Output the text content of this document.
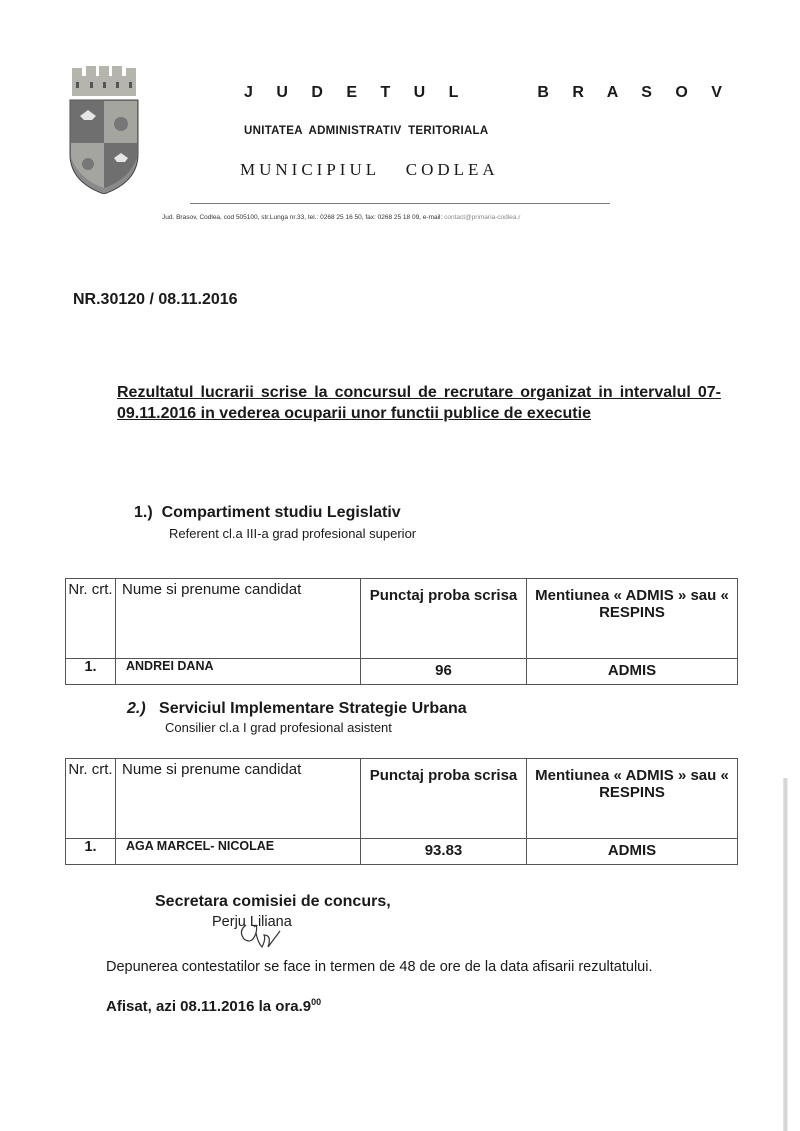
J U D E T U L     B R A S O V
UNITATEA ADMINISTRATIV TERITORIALA
MUNICIPIUL CODLEA
Jud. Brasov, Codlea, cod 505100, str.Lunga nr.33, tel.: 0268 25 16 50, fax: 0268 25 18 09, e-mail: contact@primaria-codlea.r
NR.30120 / 08.11.2016
Rezultatul lucrarii scrise la concursul de recrutare organizat in intervalul 07-09.11.2016 in vederea ocuparii unor functii publice de executie
1.) Compartiment studiu Legislativ
Referent cl.a III-a grad profesional superior
Nr. crt.	Nume si prenume candidat	Punctaj proba scrisa	Mentiunea « ADMIS » sau « RESPINS
1.	ANDREI DANA	96	ADMIS
2.) Serviciul Implementare Strategie Urbana
Consilier cl.a I grad profesional asistent
Nr. crt.	Nume si prenume candidat	Punctaj proba scrisa	Mentiunea « ADMIS » sau « RESPINS
1.	AGA MARCEL- NICOLAE	93.83	ADMIS
Secretara comisiei de concurs,
Perju Liliana
Depunerea contestatilor se face in termen de 48 de ore de la data afisarii rezultatului.
Afisat, azi 08.11.2016 la $ora.9^{00}$
